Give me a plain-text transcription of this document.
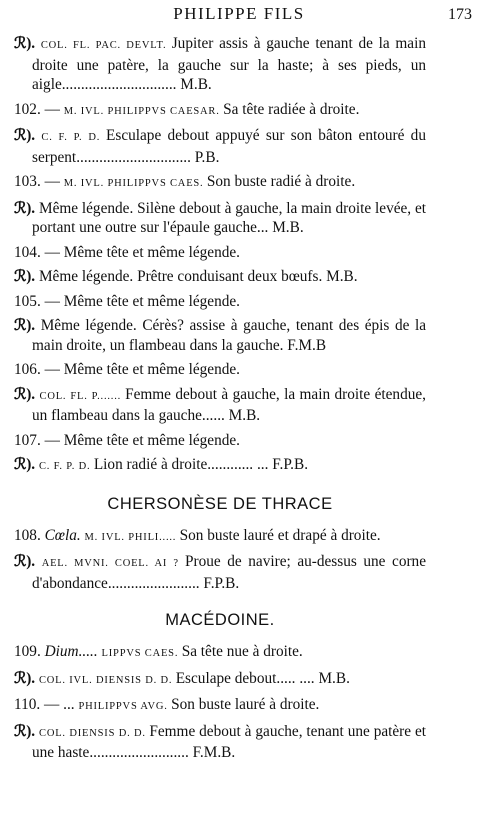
PHILIPPE FILS	173
ℛ). COL. FL. PAC. DEVLT. Jupiter assis à gauche tenant de la main droite une patère, la gauche sur la haste; à ses pieds, un aigle.............................. M.B.
102. — M. IVL. PHILIPPVS CAESAR. Sa tête radiée à droite.
ℛ). C. F. P. D. Esculape debout appuyé sur son bâton entouré du serpent.............................. P.B.
103. — M. IVL. PHILIPPVS CAES. Son buste radié à droite.
ℛ). Même légende. Silène debout à gauche, la main droite levée, et portant une outre sur l'épaule gauche... M.B.
104. — Même tête et même légende.
ℛ). Même légende. Prêtre conduisant deux bœufs. M.B.
105. — Même tête et même légende.
ℛ). Même légende. Cérès? assise à gauche, tenant des épis de la main droite, un flambeau dans la gauche. F.M.B
106. — Même tête et même légende.
ℛ). COL. FL. P....... Femme debout à gauche, la main droite étendue, un flambeau dans la gauche...... M.B.
107. — Même tête et même légende.
ℛ). C. F. P. D. Lion radié à droite............ ... F.P.B.
CHERSONÈSE DE THRACE
108. Cœla. M. IVL. PHILI..... Son buste lauré et drapé à droite.
ℛ). AEL. MVNI. COEL. AI ? Proue de navire; au-dessus une corne d'abondance........................ F.P.B.
MACÉDOINE.
109. Dium..... LIPPVS CAES. Sa tête nue à droite.
ℛ). COL. IVL. DIENSIS D. D. Esculape debout..... .... M.B.
110. — ... PHILIPPVS AVG. Son buste lauré à droite.
ℛ). COL. DIENSIS D. D. Femme debout à gauche, tenant une patère et une haste.......................... F.M.B.
